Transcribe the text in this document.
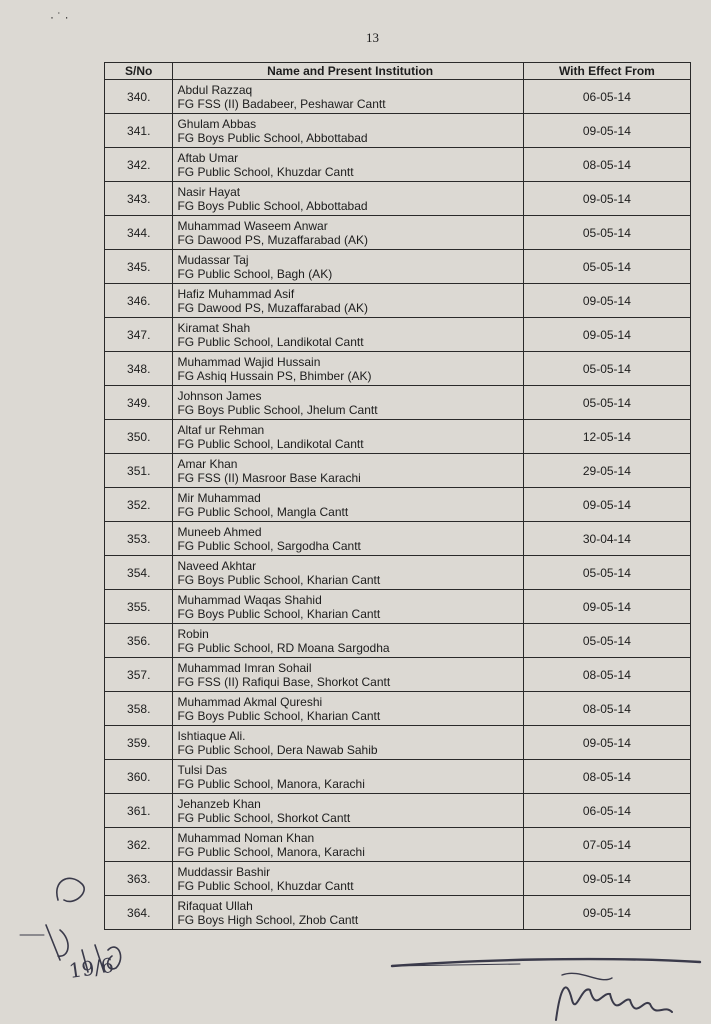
· ˙ ·
13
S/No	Name and Present Institution	With Effect From
340.	Abdul Razzaq
FG FSS (II) Badabeer, Peshawar Cantt	06-05-14
341.	Ghulam Abbas
FG Boys Public School, Abbottabad	09-05-14
342.	Aftab Umar
FG Public School, Khuzdar Cantt	08-05-14
343.	Nasir Hayat
FG Boys Public School, Abbottabad	09-05-14
344.	Muhammad Waseem Anwar
FG Dawood PS, Muzaffarabad (AK)	05-05-14
345.	Mudassar Taj
FG Public School, Bagh (AK)	05-05-14
346.	Hafiz Muhammad Asif
FG Dawood PS, Muzaffarabad (AK)	09-05-14
347.	Kiramat Shah
FG Public School, Landikotal Cantt	09-05-14
348.	Muhammad Wajid Hussain
FG Ashiq Hussain PS, Bhimber (AK)	05-05-14
349.	Johnson James
FG Boys Public School, Jhelum Cantt	05-05-14
350.	Altaf ur Rehman
FG Public School, Landikotal Cantt	12-05-14
351.	Amar Khan
FG FSS (II) Masroor Base Karachi	29-05-14
352.	Mir Muhammad
FG Public School, Mangla Cantt	09-05-14
353.	Muneeb Ahmed
FG Public School, Sargodha Cantt	30-04-14
354.	Naveed Akhtar
FG Boys Public School, Kharian Cantt	05-05-14
355.	Muhammad Waqas Shahid
FG Boys Public School, Kharian Cantt	09-05-14
356.	Robin
FG Public School, RD Moana Sargodha	05-05-14
357.	Muhammad Imran Sohail
FG FSS (II) Rafiqui Base, Shorkot Cantt	08-05-14
358.	Muhammad Akmal Qureshi
FG Boys Public School, Kharian Cantt	08-05-14
359.	Ishtiaque Ali.
FG Public School, Dera Nawab Sahib	09-05-14
360.	Tulsi Das
FG Public School, Manora, Karachi	08-05-14
361.	Jehanzeb Khan
FG Public School, Shorkot Cantt	06-05-14
362.	Muhammad Noman Khan
FG Public School, Manora, Karachi	07-05-14
363.	Muddassir Bashir
FG Public School, Khuzdar Cantt	09-05-14
364.	Rifaquat Ullah
FG Boys High School, Zhob Cantt	09-05-14
19/6
